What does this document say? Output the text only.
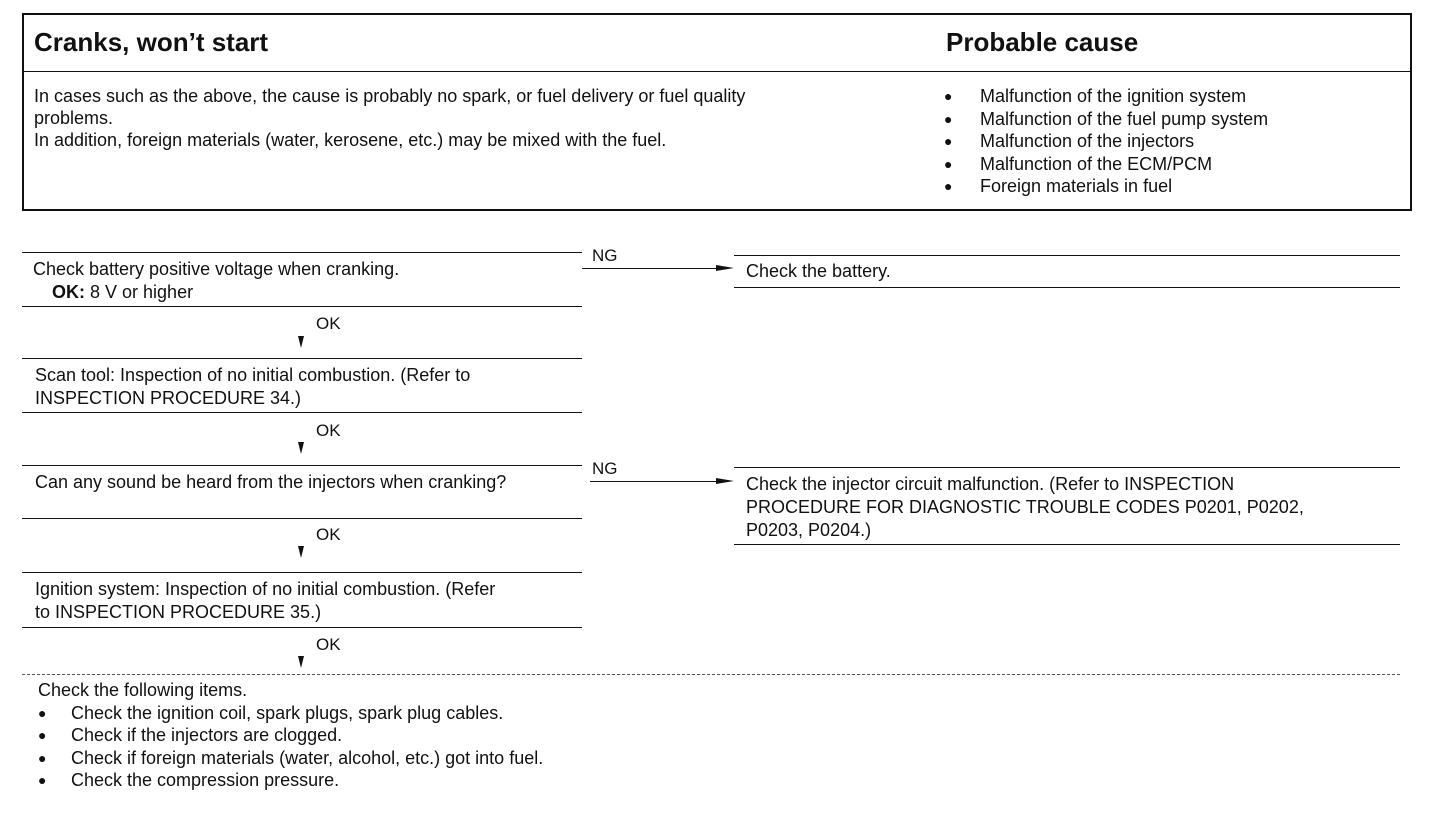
Cranks, won’t start	Probable cause
In cases such as the above, the cause is probably no spark, or fuel delivery or fuel quality
problems.
In addition, foreign materials (water, kerosene, etc.) may be mixed with the fuel.
● Malfunction of the ignition system
● Malfunction of the fuel pump system
● Malfunction of the injectors
● Malfunction of the ECM/PCM
● Foreign materials in fuel
Check battery positive voltage when cranking.
OK: 8 V or higher
NG
Check the battery.
OK
Scan tool: Inspection of no initial combustion. (Refer to
INSPECTION PROCEDURE 34.)
OK
Can any sound be heard from the injectors when cranking?
NG
Check the injector circuit malfunction. (Refer to INSPECTION
PROCEDURE FOR DIAGNOSTIC TROUBLE CODES P0201, P0202,
P0203, P0204.)
OK
Ignition system: Inspection of no initial combustion. (Refer
to INSPECTION PROCEDURE 35.)
OK
Check the following items.
● Check the ignition coil, spark plugs, spark plug cables.
● Check if the injectors are clogged.
● Check if foreign materials (water, alcohol, etc.) got into fuel.
● Check the compression pressure.
